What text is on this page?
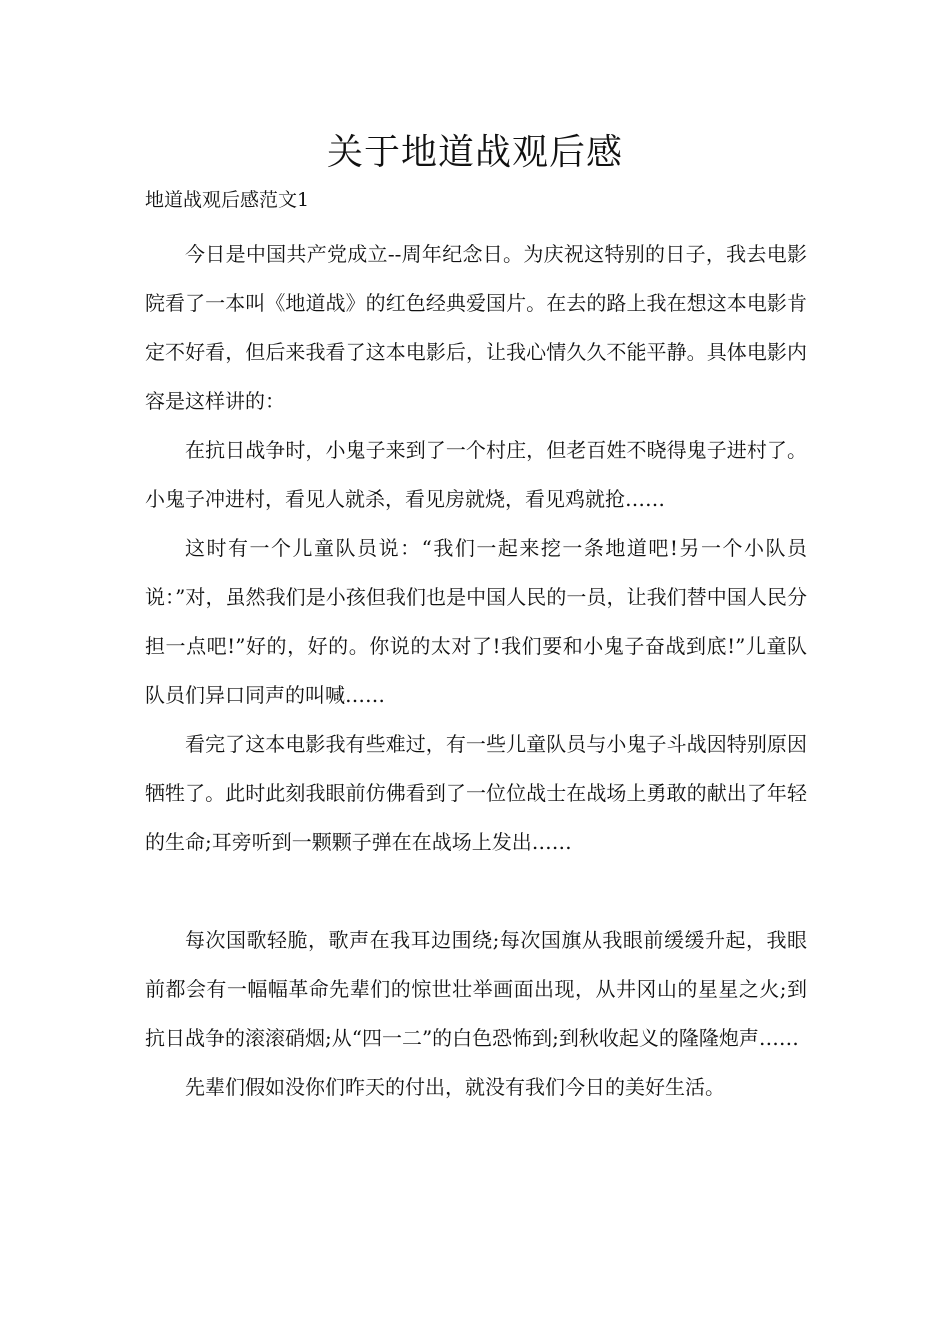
关于地道战观后感
地道战观后感范文1

今日是中国共产党成立--周年纪念日。为庆祝这特别的日子，我去电影院看了一本叫《地道战》的红色经典爱国片。在去的路上我在想这本电影肯定不好看，但后来我看了这本电影后，让我心情久久不能平静。具体电影内容是这样讲的：

在抗日战争时，小鬼子来到了一个村庄，但老百姓不晓得鬼子进村了。小鬼子冲进村，看见人就杀，看见房就烧，看见鸡就抢……

这时有一个儿童队员说：“我们一起来挖一条地道吧!另一个小队员说：”对，虽然我们是小孩但我们也是中国人民的一员，让我们替中国人民分担一点吧!”好的，好的。你说的太对了!我们要和小鬼子奋战到底!”儿童队队员们异口同声的叫喊……

看完了这本电影我有些难过，有一些儿童队员与小鬼子斗战因特别原因牺牲了。此时此刻我眼前仿佛看到了一位位战士在战场上勇敢的献出了年轻的生命;耳旁听到一颗颗子弹在在战场上发出……

每次国歌轻脆，歌声在我耳边围绕;每次国旗从我眼前缓缓升起，我眼前都会有一幅幅革命先辈们的惊世壮举画面出现，从井冈山的星星之火;到抗日战争的滚滚硝烟;从“四一二”的白色恐怖到;到秋收起义的隆隆炮声……

先辈们假如没你们昨天的付出，就没有我们今日的美好生活。
